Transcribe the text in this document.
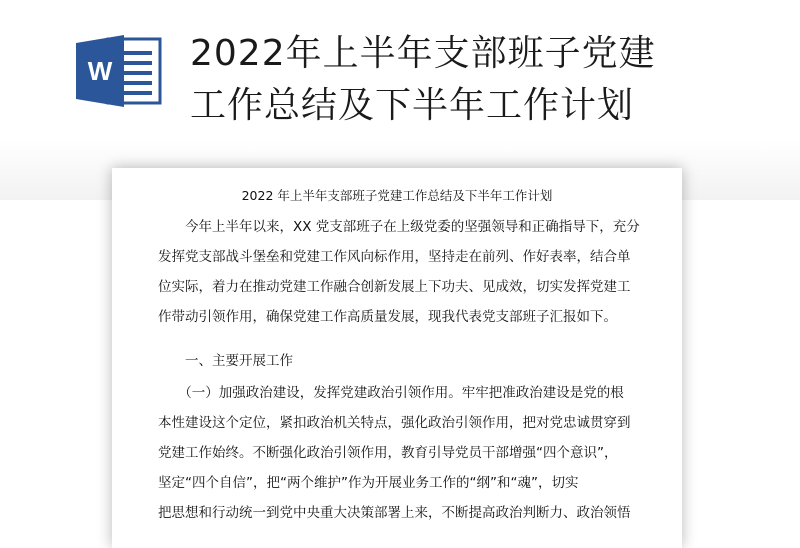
W 2022年上半年支部班子党建
工作总结及下半年工作计划
2022 年上半年支部班子党建工作总结及下半年工作计划
　　今年上半年以来，XX 党支部班子在上级党委的坚强领导和正确指导下，充分
发挥党支部战斗堡垒和党建工作风向标作用，坚持走在前列、作好表率，结合单
位实际，着力在推动党建工作融合创新发展上下功夫、见成效，切实发挥党建工
作带动引领作用，确保党建工作高质量发展，现我代表党支部班子汇报如下。
　　一、主要开展工作
　　（一）加强政治建设，发挥党建政治引领作用。牢牢把准政治建设是党的根
本性建设这个定位，紧扣政治机关特点，强化政治引领作用，把对党忠诚贯穿到
党建工作始终。不断强化政治引领作用，教育引导党员干部增强“四个意识”，
坚定“四个自信”，把“两个维护”作为开展业务工作的“纲”和“魂”，切实
把思想和行动统一到党中央重大决策部署上来，不断提高政治判断力、政治领悟
